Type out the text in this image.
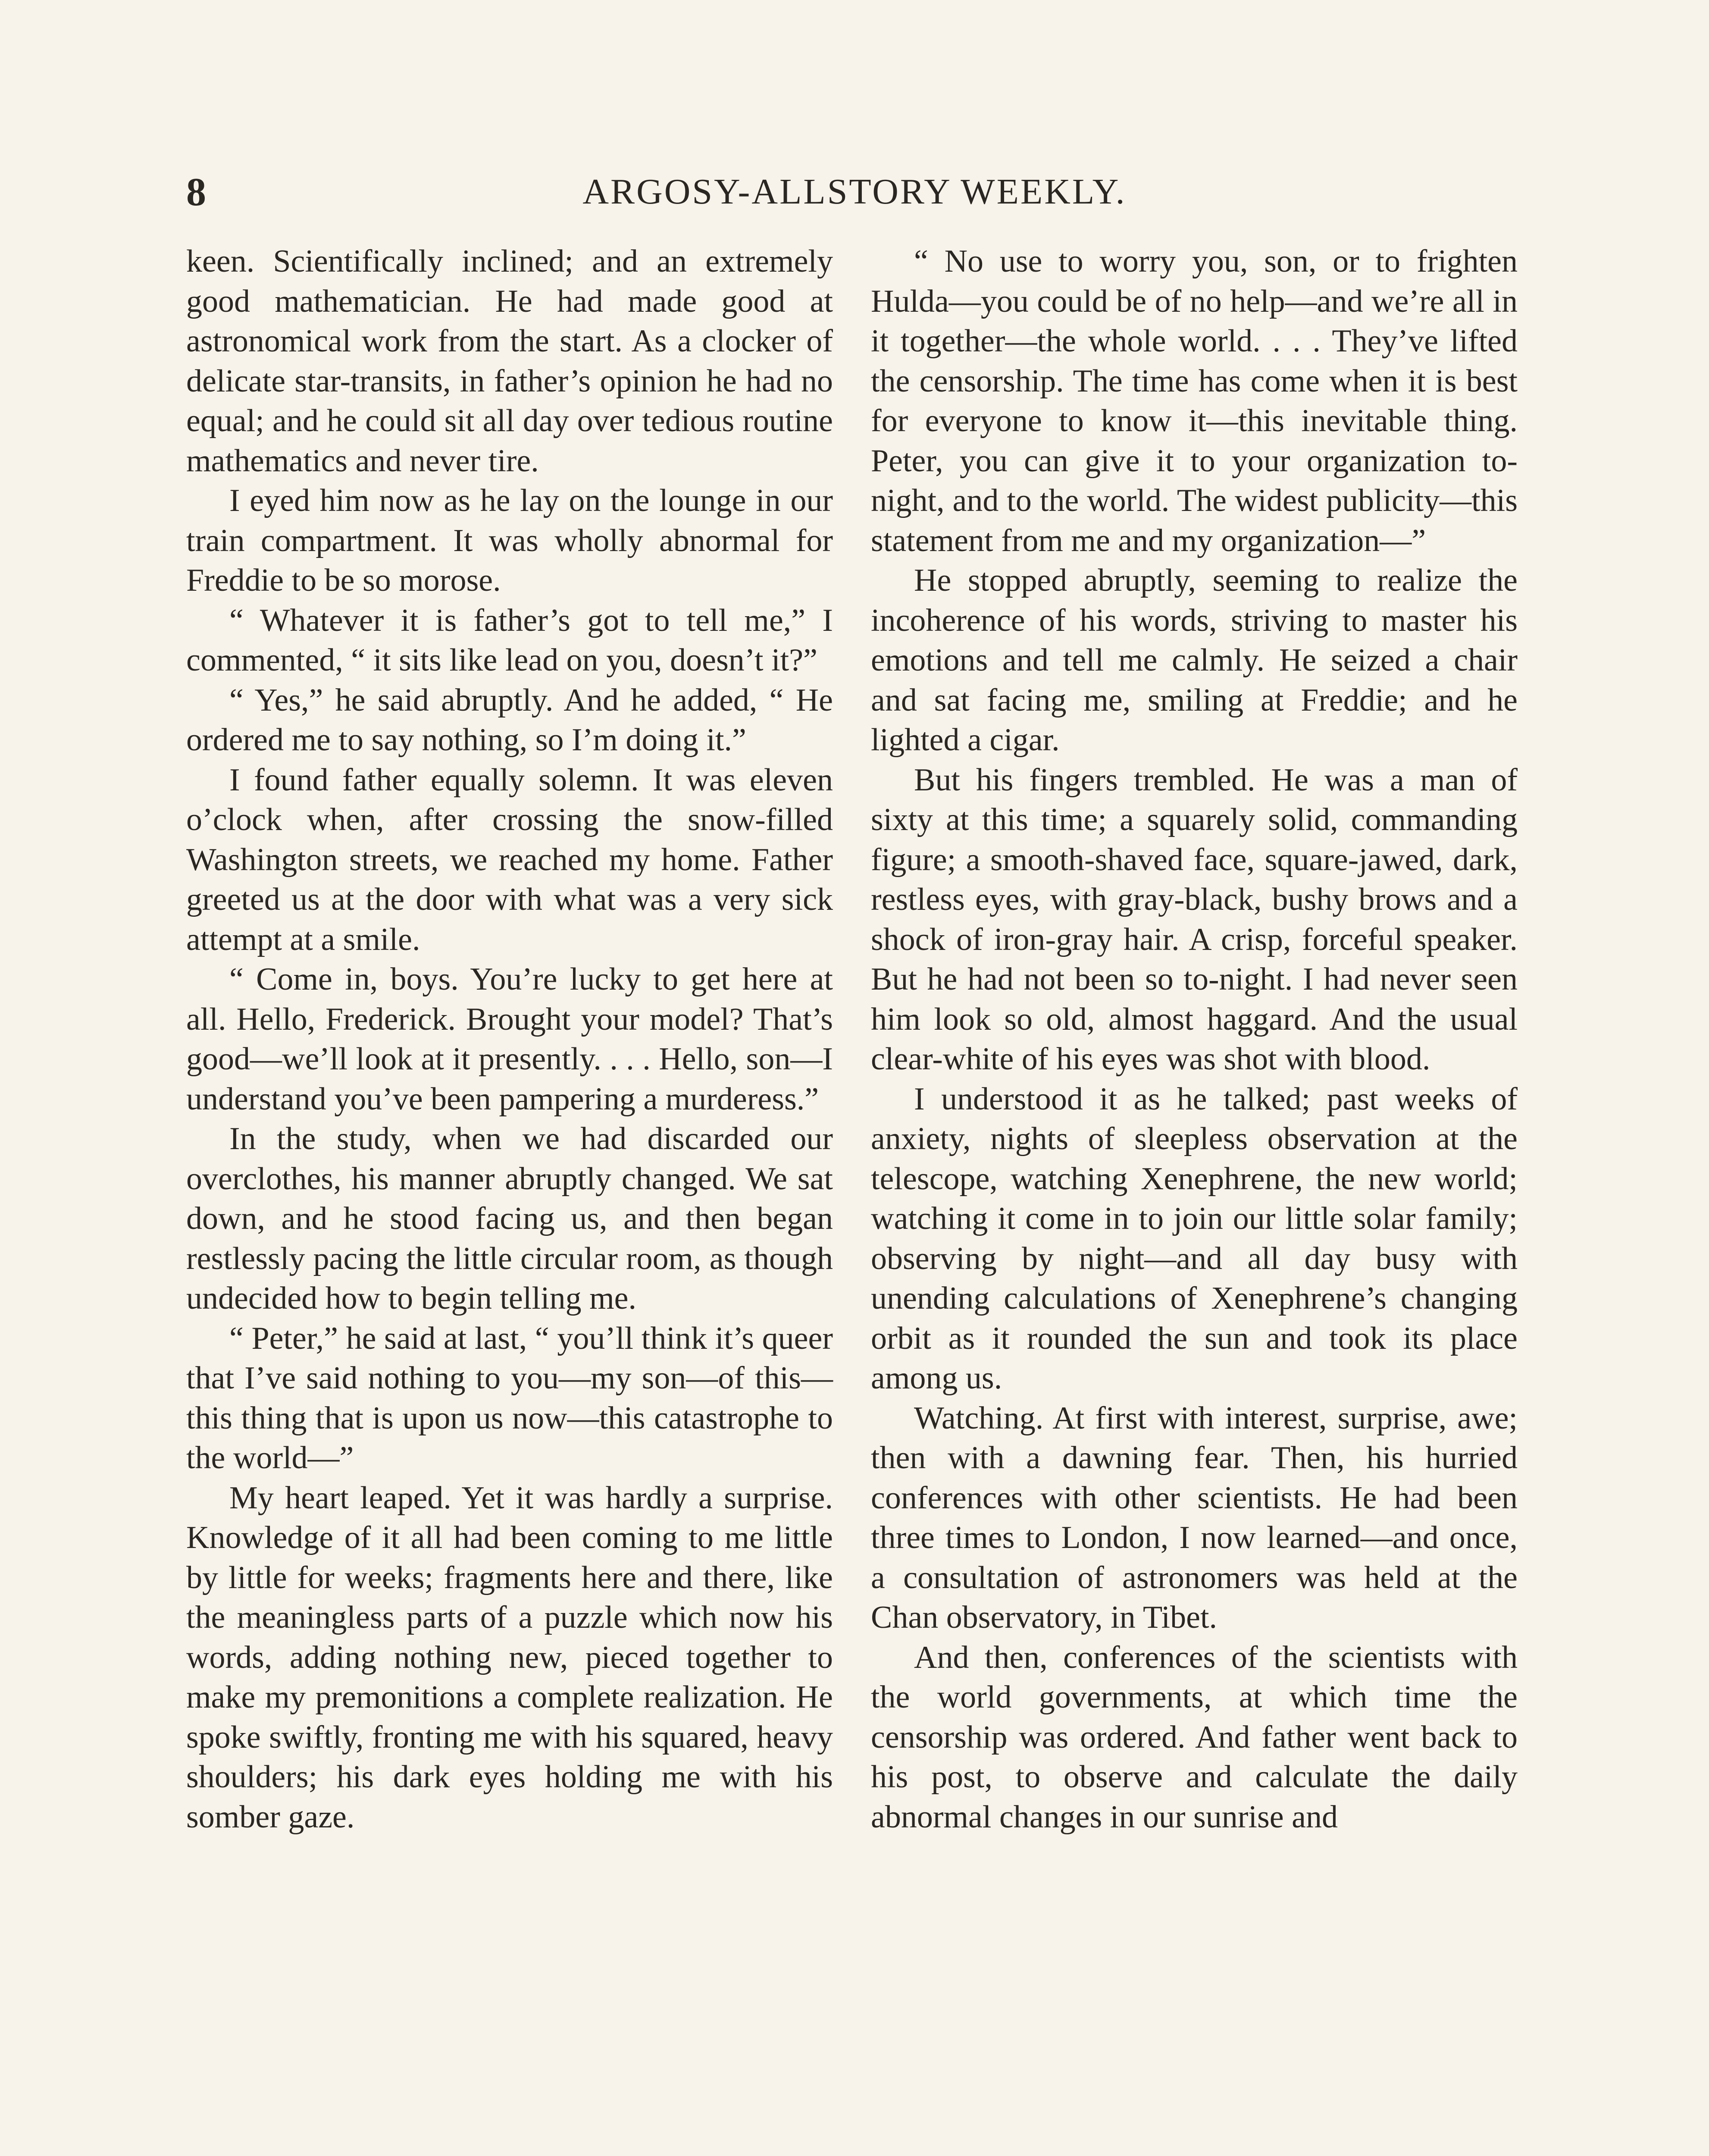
8	ARGOSY-ALLSTORY WEEKLY.

keen. Scientifically inclined; and an extremely good mathematician. He had made good at astronomical work from the start. As a clocker of delicate star-transits, in father’s opinion he had no equal; and he could sit all day over tedious routine mathematics and never tire.

I eyed him now as he lay on the lounge in our train compartment. It was wholly abnormal for Freddie to be so morose.

“ Whatever it is father’s got to tell me,” I commented, “ it sits like lead on you, doesn’t it?”

“ Yes,” he said abruptly. And he added, “ He ordered me to say nothing, so I’m doing it.”

I found father equally solemn. It was eleven o’clock when, after crossing the snow-filled Washington streets, we reached my home. Father greeted us at the door with what was a very sick attempt at a smile.

“ Come in, boys. You’re lucky to get here at all. Hello, Frederick. Brought your model? That’s good—we’ll look at it presently. . . . Hello, son—I understand you’ve been pampering a murderess.”

In the study, when we had discarded our overclothes, his manner abruptly changed. We sat down, and he stood facing us, and then began restlessly pacing the little circular room, as though undecided how to begin telling me.

“ Peter,” he said at last, “ you’ll think it’s queer that I’ve said nothing to you—my son—of this—this thing that is upon us now—this catastrophe to the world—”

My heart leaped. Yet it was hardly a surprise. Knowledge of it all had been coming to me little by little for weeks; fragments here and there, like the meaningless parts of a puzzle which now his words, adding nothing new, pieced together to make my premonitions a complete realization. He spoke swiftly, fronting me with his squared, heavy shoulders; his dark eyes holding me with his somber gaze.

“ No use to worry you, son, or to frighten Hulda—you could be of no help—and we’re all in it together—the whole world. . . . They’ve lifted the censorship. The time has come when it is best for everyone to know it—this inevitable thing. Peter, you can give it to your organization to-night, and to the world. The widest publicity—this statement from me and my organization—”

He stopped abruptly, seeming to realize the incoherence of his words, striving to master his emotions and tell me calmly. He seized a chair and sat facing me, smiling at Freddie; and he lighted a cigar.

But his fingers trembled. He was a man of sixty at this time; a squarely solid, commanding figure; a smooth-shaved face, square-jawed, dark, restless eyes, with gray-black, bushy brows and a shock of iron-gray hair. A crisp, forceful speaker. But he had not been so to-night. I had never seen him look so old, almost haggard. And the usual clear-white of his eyes was shot with blood.

I understood it as he talked; past weeks of anxiety, nights of sleepless observation at the telescope, watching Xenephrene, the new world; watching it come in to join our little solar family; observing by night—and all day busy with unending calculations of Xenephrene’s changing orbit as it rounded the sun and took its place among us.

Watching. At first with interest, surprise, awe; then with a dawning fear. Then, his hurried conferences with other scientists. He had been three times to London, I now learned—and once, a consultation of astronomers was held at the Chan observatory, in Tibet.

And then, conferences of the scientists with the world governments, at which time the censorship was ordered. And father went back to his post, to observe and calculate the daily abnormal changes in our sunrise and
